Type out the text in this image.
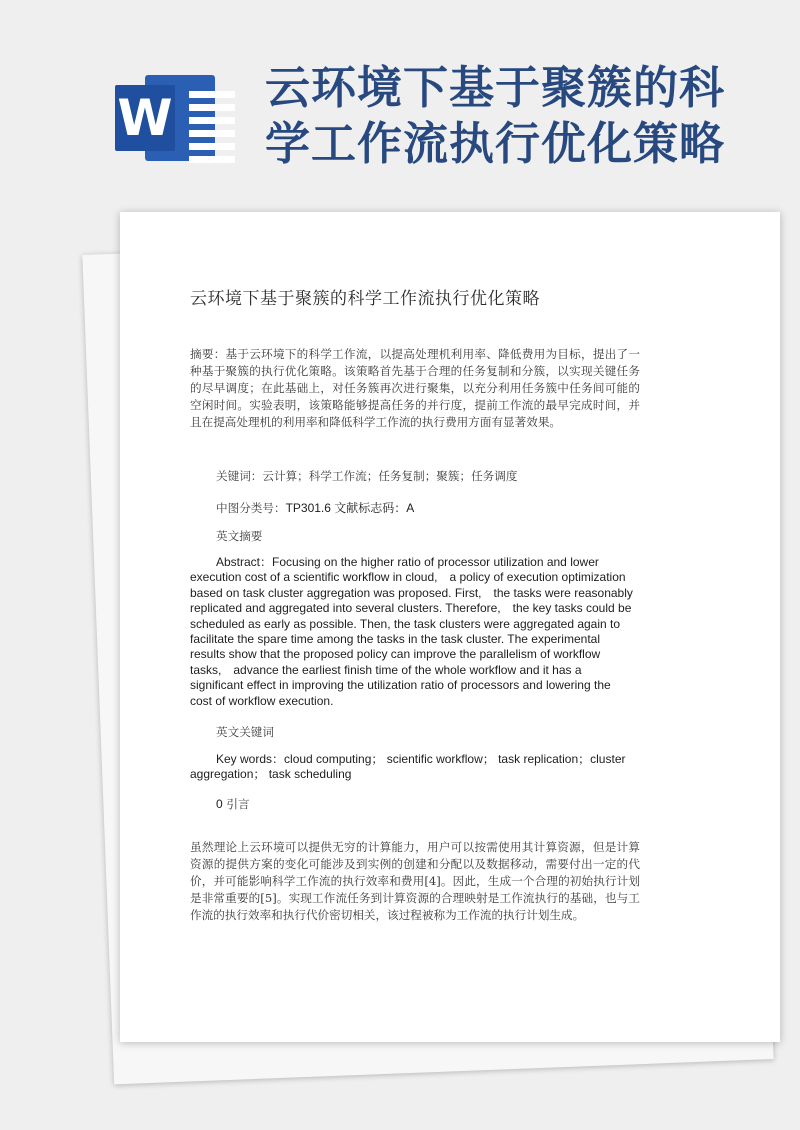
W
云环境下基于聚簇的科
学工作流执行优化策略
云环境下基于聚簇的科学工作流执行优化策略

摘要：基于云环境下的科学工作流，以提高处理机利用率、降低费用为目标，提出了一种基于聚簇的执行优化策略。该策略首先基于合理的任务复制和分簇，以实现关键任务的尽早调度；在此基础上，对任务簇再次进行聚集，以充分利用任务簇中任务间可能的空闲时间。实验表明，该策略能够提高任务的并行度，提前工作流的最早完成时间，并且在提高处理机的利用率和降低科学工作流的执行费用方面有显著效果。

关键词：云计算；科学工作流；任务复制；聚簇；任务调度
中图分类号：TP301.6 文献标志码：A
英文摘要

Abstract：Focusing on the higher ratio of processor utilization and lower execution cost of a scientific workflow in cloud,　a policy of execution optimization based on task cluster aggregation was proposed. First,　the tasks were reasonably replicated and aggregated into several clusters. Therefore,　the key tasks could be scheduled as early as possible. Then, the task clusters were aggregated again to facilitate the spare time among the tasks in the task cluster. The experimental results show that the proposed policy can improve the parallelism of workflow tasks,　advance the earliest finish time of the whole workflow and it has a significant effect in improving the utilization ratio of processors and lowering the cost of workflow execution.

英文关键词

Key words：cloud computing； scientific workflow； task replication；cluster aggregation； task scheduling

0 引言

虽然理论上云环境可以提供无穷的计算能力，用户可以按需使用其计算资源，但是计算资源的提供方案的变化可能涉及到实例的创建和分配以及数据移动，需要付出一定的代价，并可能影响科学工作流的执行效率和费用[4]。因此，生成一个合理的初始执行计划是非常重要的[5]。实现工作流任务到计算资源的合理映射是工作流执行的基础，也与工作流的执行效率和执行代价密切相关，该过程被称为工作流的执行计划生成。
